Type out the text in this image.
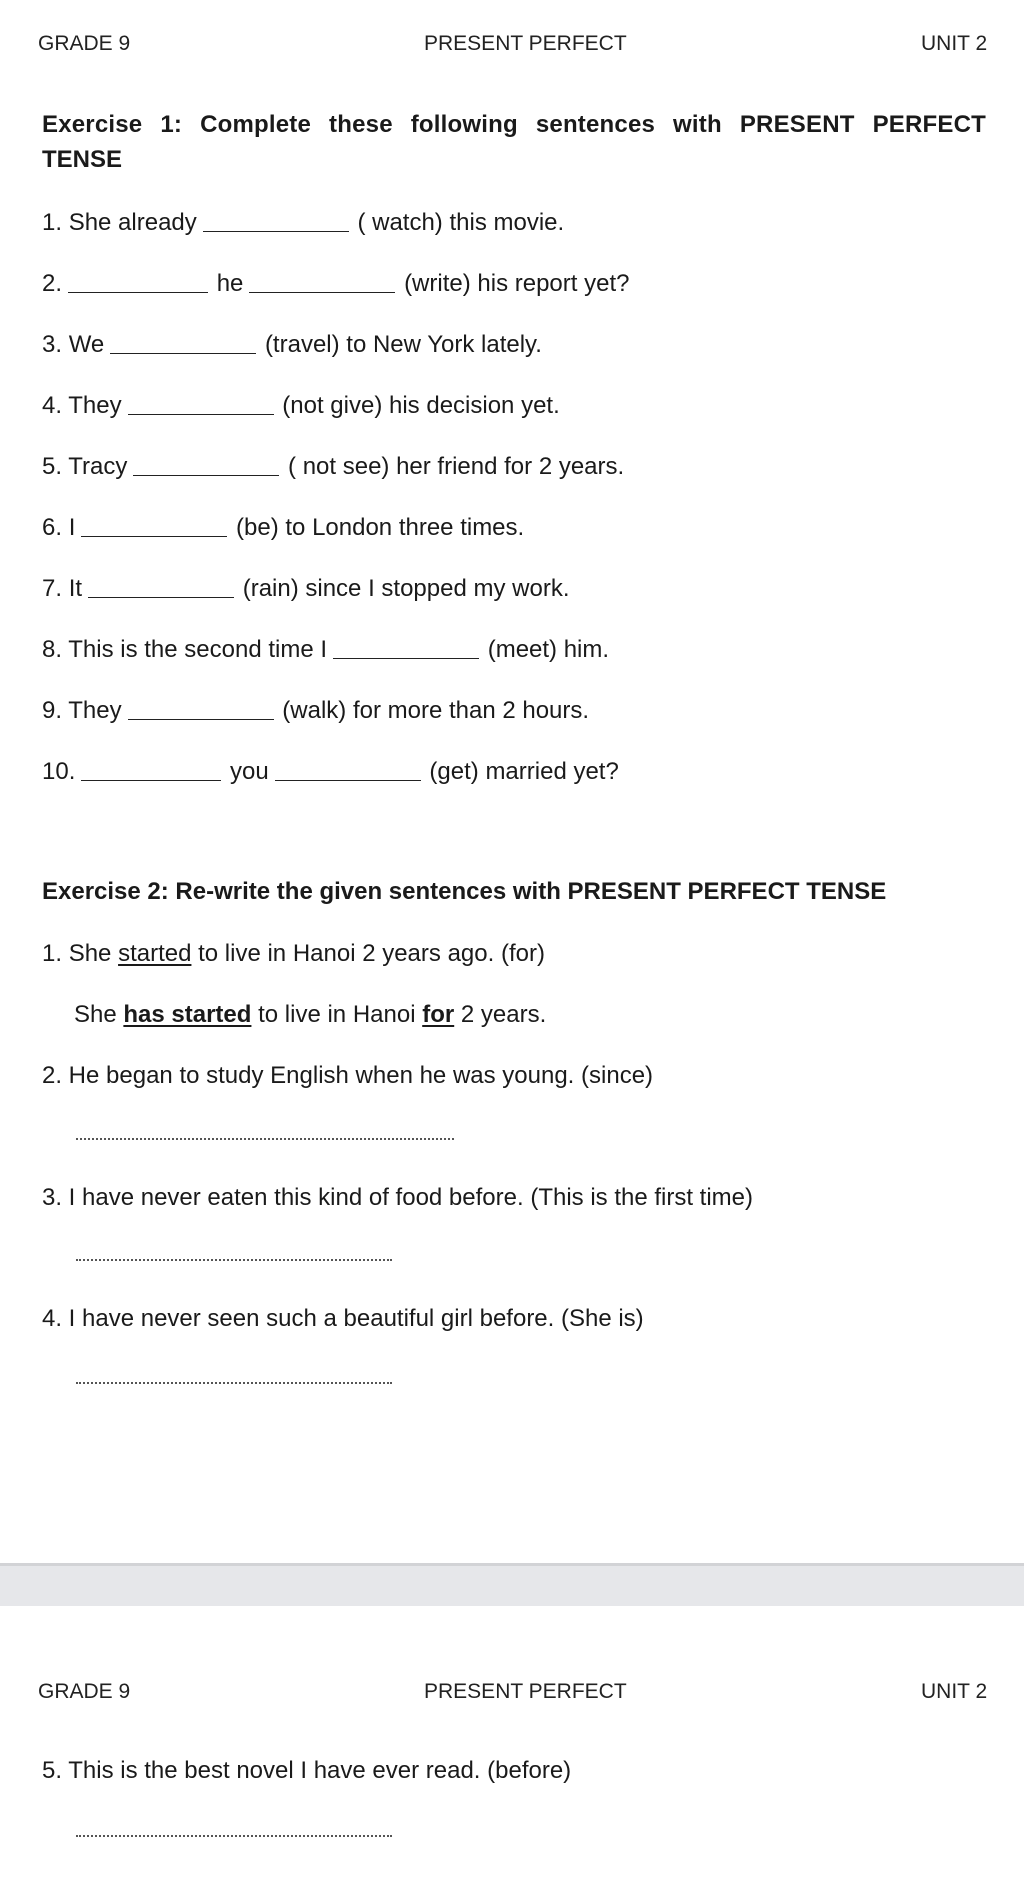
GRADE 9	PRESENT PERFECT	UNIT 2
Exercise 1: Complete these following sentences with PRESENT PERFECT
TENSE
1. She already	( watch) this movie.
2.	he	(write) his report yet?
3. We	(travel) to New York lately.
4. They	(not give) his decision yet.
5. Tracy	( not see) her friend for 2 years.
6. I	(be) to London three times.
7. It	(rain) since I stopped my work.
8. This is the second time I	(meet) him.
9. They	(walk) for more than 2 hours.
10.	you	(get) married yet?
Exercise 2: Re-write the given sentences with PRESENT PERFECT TENSE
1. She started to live in Hanoi 2 years ago. (for)
She has started to live in Hanoi for 2 years.
2. He began to study English when he was young. (since)
3. I have never eaten this kind of food before. (This is the first time)
4. I have never seen such a beautiful girl before. (She is)
GRADE 9	PRESENT PERFECT	UNIT 2
5. This is the best novel I have ever read. (before)
